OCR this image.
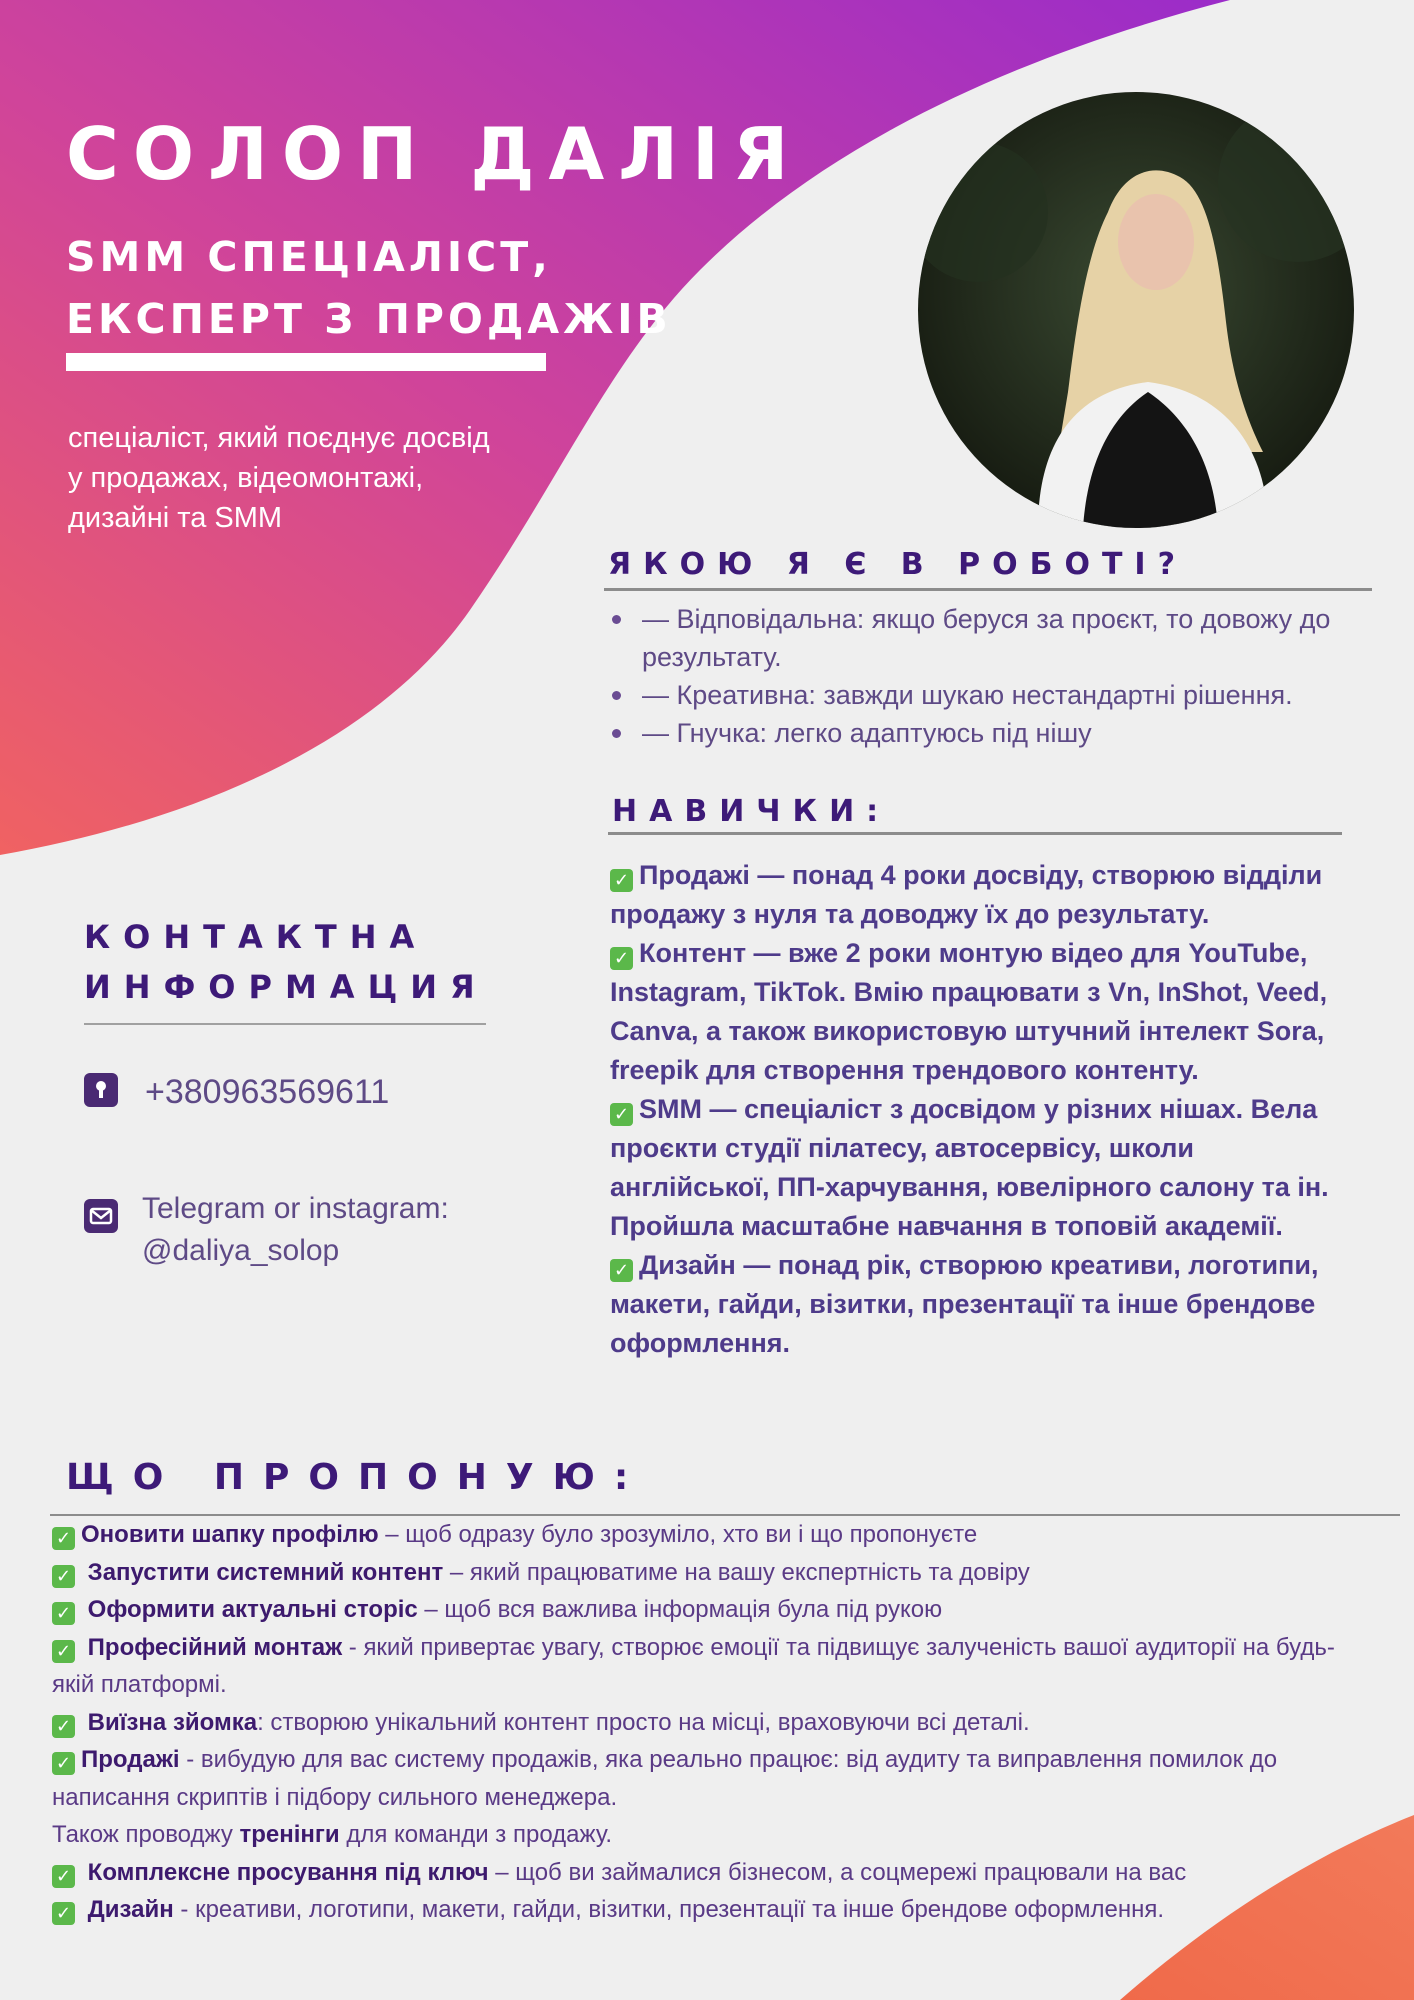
СОЛОП ДАЛІЯ
SMM СПЕЦІАЛІСТ,
ЕКСПЕРТ З ПРОДАЖІВ
спеціаліст, який поєднує досвід у продажах, відеомонтажі, дизайні та SMM
ЯКОЮ Я Є В РОБОТІ?
— Відповідальна: якщо беруся за проєкт, то довожу до результату.
— Креативна: завжди шукаю нестандартні рішення.
— Гнучка: легко адаптуюсь під нішу
НАВИЧКИ:

✓ Продажі — понад 4 роки досвіду, створюю відділи продажу з нуля та доводжу їх до результату.

✓ Контент — вже 2 роки монтую відео для YouTube, Instagram, TikTok. Вмію працювати з Vn, InShot, Veed, Canva, а також використовую штучний інтелект Sora, freepik для створення трендового контенту.

✓ SMM — спеціаліст з досвідом у різних нішах. Вела проєкти студії пілатесу, автосервісу, школи англійської, ПП-харчування, ювелірного салону та ін. Пройшла масштабне навчання в топовій академії.

✓ Дизайн — понад рік, створюю креативи, логотипи, макети, гайди, візитки, презентації та інше брендове оформлення.

КОНТАКТНА
ИНФОРМАЦИЯ
+380963569611
Telegram or instagram:
@daliya_solop
ЩО ПРОПОНУЮ:

✓ Оновити шапку профілю – щоб одразу було зрозуміло, хто ви і що пропонуєте

✓ Запустити системний контент – який працюватиме на вашу експертність та довіру

✓ Оформити актуальні сторіс – щоб вся важлива інформація була під рукою

✓ Професійний монтаж - який привертає увагу, створює емоції та підвищує залученість вашої аудиторії на будь-якій платформі.

✓ Виїзна зйомка: створюю унікальний контент просто на місці, враховуючи всі деталі.

✓ Продажі - вибудую для вас систему продажів, яка реально працює: від аудиту та виправлення помилок до написання скриптів і підбору сильного менеджера.

Також проводжу тренінги для команди з продажу.

✓ Комплексне просування під ключ – щоб ви займалися бізнесом, а соцмережі працювали на вас

✓ Дизайн - креативи, логотипи, макети, гайди, візитки, презентації та інше брендове оформлення.
